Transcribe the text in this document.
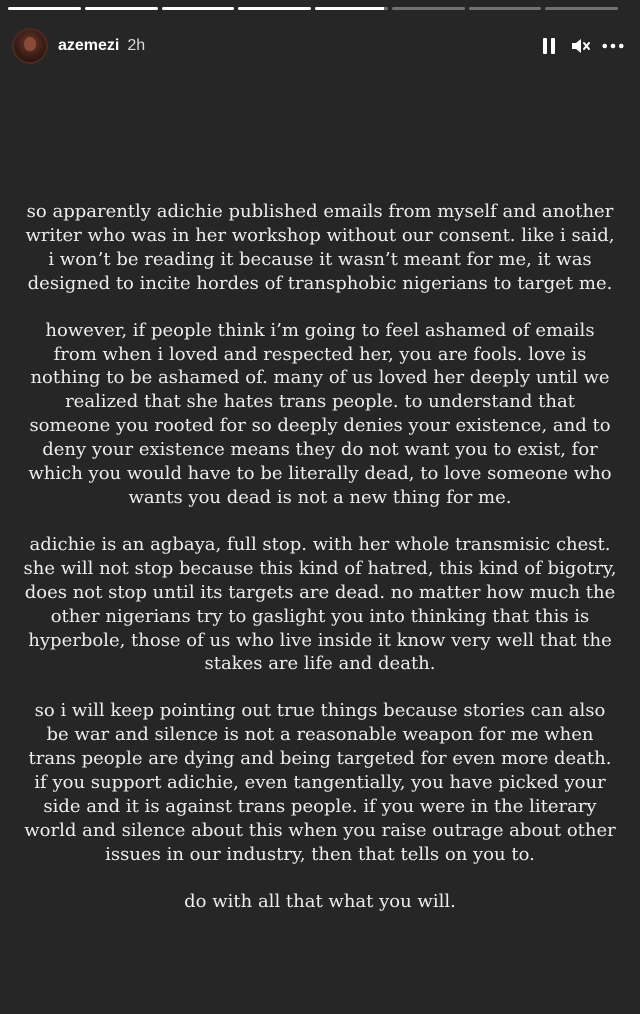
azemezi 2h

so apparently adichie published emails from myself and another writer who was in her workshop without our consent. like i said, i won’t be reading it because it wasn’t meant for me, it was designed to incite hordes of transphobic nigerians to target me.

however, if people think i’m going to feel ashamed of emails from when i loved and respected her, you are fools. love is nothing to be ashamed of. many of us loved her deeply until we realized that she hates trans people. to understand that someone you rooted for so deeply denies your existence, and to deny your existence means they do not want you to exist, for which you would have to be literally dead, to love someone who wants you dead is not a new thing for me.

adichie is an agbaya, full stop. with her whole transmisic chest. she will not stop because this kind of hatred, this kind of bigotry, does not stop until its targets are dead. no matter how much the other nigerians try to gaslight you into thinking that this is hyperbole, those of us who live inside it know very well that the stakes are life and death.

so i will keep pointing out true things because stories can also be war and silence is not a reasonable weapon for me when trans people are dying and being targeted for even more death. if you support adichie, even tangentially, you have picked your side and it is against trans people. if you were in the literary world and silence about this when you raise outrage about other issues in our industry, then that tells on you to.

do with all that what you will.
